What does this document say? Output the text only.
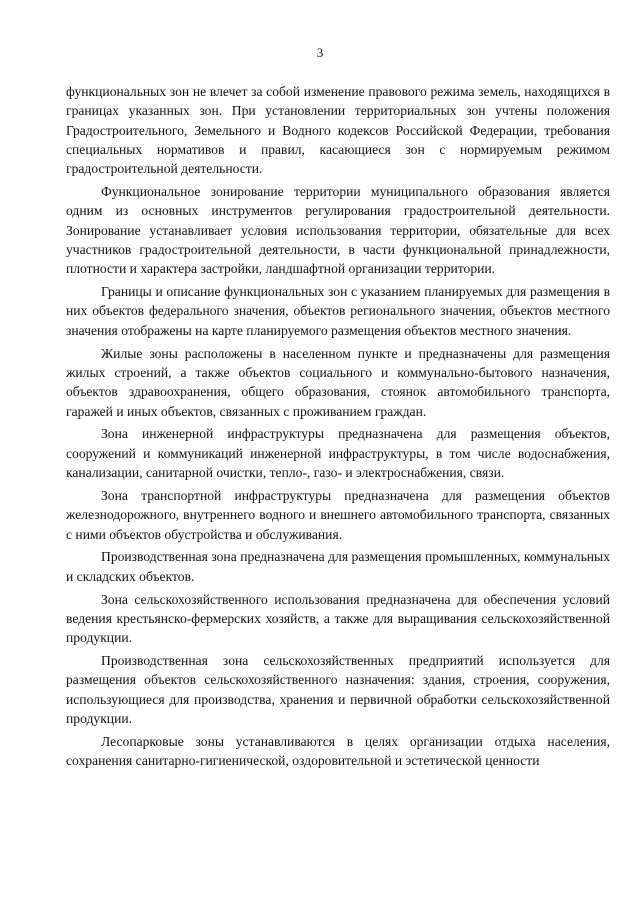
3

функциональных зон не влечет за собой изменение правового режима земель, находящихся в границах указанных зон. При установлении территориальных зон учтены положения Градостроительного, Земельного и Водного кодексов Российской Федерации, требования специальных нормативов и правил, касающиеся зон с нормируемым режимом градостроительной деятельности.

Функциональное зонирование территории муниципального образования является одним из основных инструментов регулирования градостроительной деятельности. Зонирование устанавливает условия использования территории, обязательные для всех участников градостроительной деятельности, в части функциональной принадлежности, плотности и характера застройки, ландшафтной организации территории.

Границы и описание функциональных зон с указанием планируемых для размещения в них объектов федерального значения, объектов регионального значения, объектов местного значения отображены на карте планируемого размещения объектов местного значения.

Жилые зоны расположены в населенном пункте и предназначены для размещения жилых строений, а также объектов социального и коммунально-бытового назначения, объектов здравоохранения, общего образования, стоянок автомобильного транспорта, гаражей и иных объектов, связанных с проживанием граждан.

Зона инженерной инфраструктуры предназначена для размещения объектов, сооружений и коммуникаций инженерной инфраструктуры, в том числе водоснабжения, канализации, санитарной очистки, тепло-, газо- и электроснабжения, связи.

Зона транспортной инфраструктуры предназначена для размещения объектов железнодорожного, внутреннего водного и внешнего автомобильного транспорта, связанных с ними объектов обустройства и обслуживания.

Производственная зона предназначена для размещения промышленных, коммунальных и складских объектов.

Зона сельскохозяйственного использования предназначена для обеспечения условий ведения крестьянско-фермерских хозяйств, а также для выращивания сельскохозяйственной продукции.

Производственная зона сельскохозяйственных предприятий используется для размещения объектов сельскохозяйственного назначения: здания, строения, сооружения, использующиеся для производства, хранения и первичной обработки сельскохозяйственной продукции.

Лесопарковые зоны устанавливаются в целях организации отдыха населения, сохранения санитарно-гигиенической, оздоровительной и эстетической ценности
